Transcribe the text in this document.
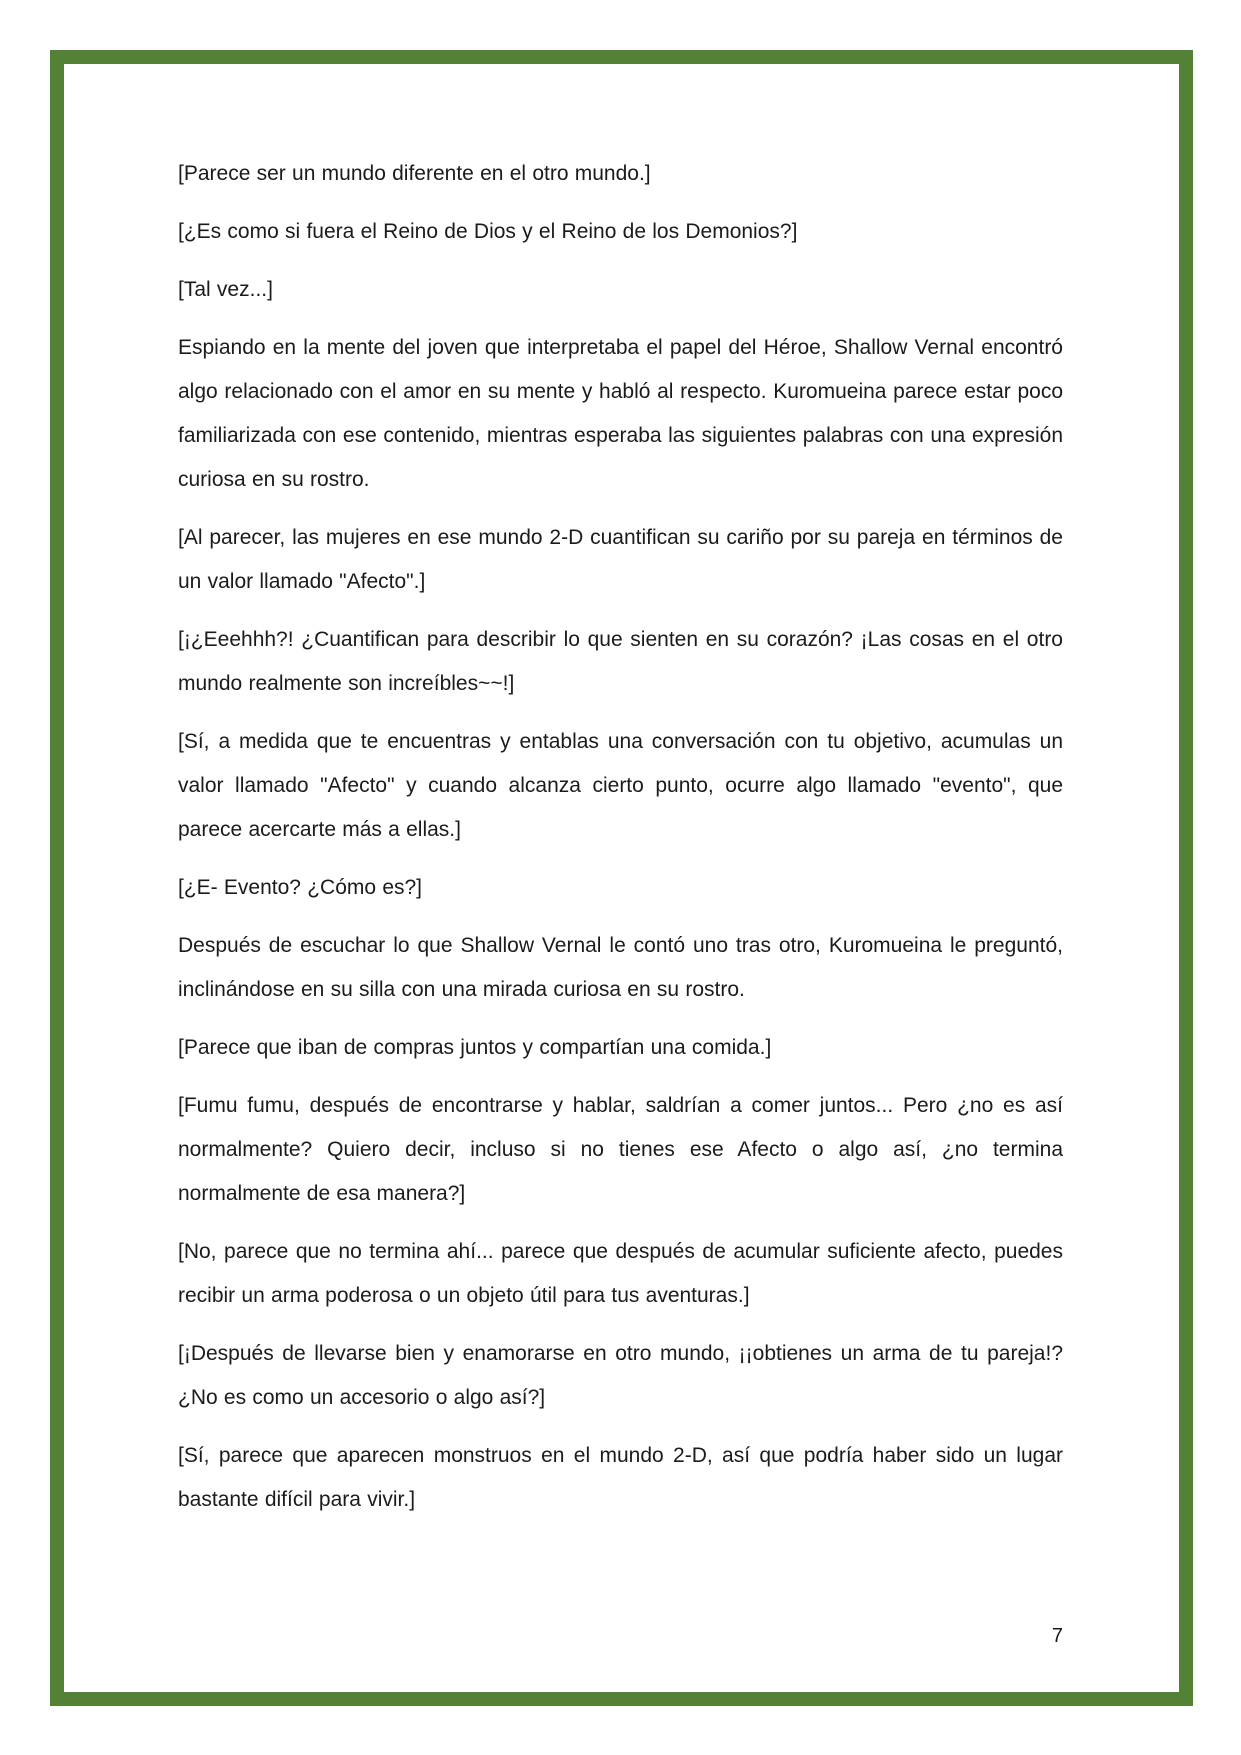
[Parece ser un mundo diferente en el otro mundo.]

[¿Es como si fuera el Reino de Dios y el Reino de los Demonios?]

[Tal vez...]

Espiando en la mente del joven que interpretaba el papel del Héroe, Shallow Vernal encontró algo relacionado con el amor en su mente y habló al respecto. Kuromueina parece estar poco familiarizada con ese contenido, mientras esperaba las siguientes palabras con una expresión curiosa en su rostro.

[Al parecer, las mujeres en ese mundo 2-D cuantifican su cariño por su pareja en términos de un valor llamado "Afecto".]

[¡¿Eeehhh?! ¿Cuantifican para describir lo que sienten en su corazón? ¡Las cosas en el otro mundo realmente son increíbles~~!]

[Sí, a medida que te encuentras y entablas una conversación con tu objetivo, acumulas un valor llamado "Afecto" y cuando alcanza cierto punto, ocurre algo llamado "evento", que parece acercarte más a ellas.]

[¿E- Evento? ¿Cómo es?]

Después de escuchar lo que Shallow Vernal le contó uno tras otro, Kuromueina le preguntó, inclinándose en su silla con una mirada curiosa en su rostro.

[Parece que iban de compras juntos y compartían una comida.]

[Fumu fumu, después de encontrarse y hablar, saldrían a comer juntos... Pero ¿no es así normalmente? Quiero decir, incluso si no tienes ese Afecto o algo así, ¿no termina normalmente de esa manera?]

[No, parece que no termina ahí... parece que después de acumular suficiente afecto, puedes recibir un arma poderosa o un objeto útil para tus aventuras.]

[¡Después de llevarse bien y enamorarse en otro mundo, ¡¡obtienes un arma de tu pareja!? ¿No es como un accesorio o algo así?]

[Sí, parece que aparecen monstruos en el mundo 2-D, así que podría haber sido un lugar bastante difícil para vivir.]

7
